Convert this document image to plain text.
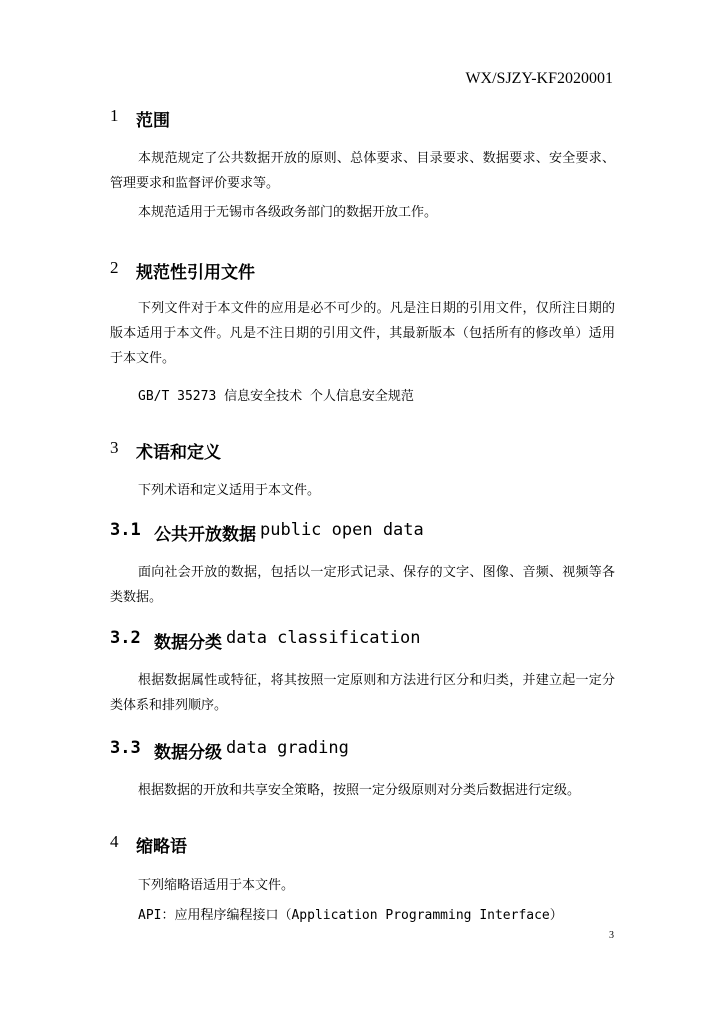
WX/SJZY-KF2020001
1	范围
本规范规定了公共数据开放的原则、总体要求、目录要求、数据要求、安全要求、管理要求和监督评价要求等。
本规范适用于无锡市各级政务部门的数据开放工作。
2	规范性引用文件
下列文件对于本文件的应用是必不可少的。凡是注日期的引用文件，仅所注日期的版本适用于本文件。凡是不注日期的引用文件，其最新版本（包括所有的修改单）适用于本文件。
GB/T 35273 信息安全技术 个人信息安全规范
3	术语和定义
下列术语和定义适用于本文件。
3.1 公共开放数据 public open data
面向社会开放的数据，包括以一定形式记录、保存的文字、图像、音频、视频等各类数据。
3.2 数据分类 data classification
根据数据属性或特征，将其按照一定原则和方法进行区分和归类，并建立起一定分类体系和排列顺序。
3.3 数据分级 data grading
根据数据的开放和共享安全策略，按照一定分级原则对分类后数据进行定级。
4	缩略语
下列缩略语适用于本文件。
API：应用程序编程接口（Application Programming Interface）
3
